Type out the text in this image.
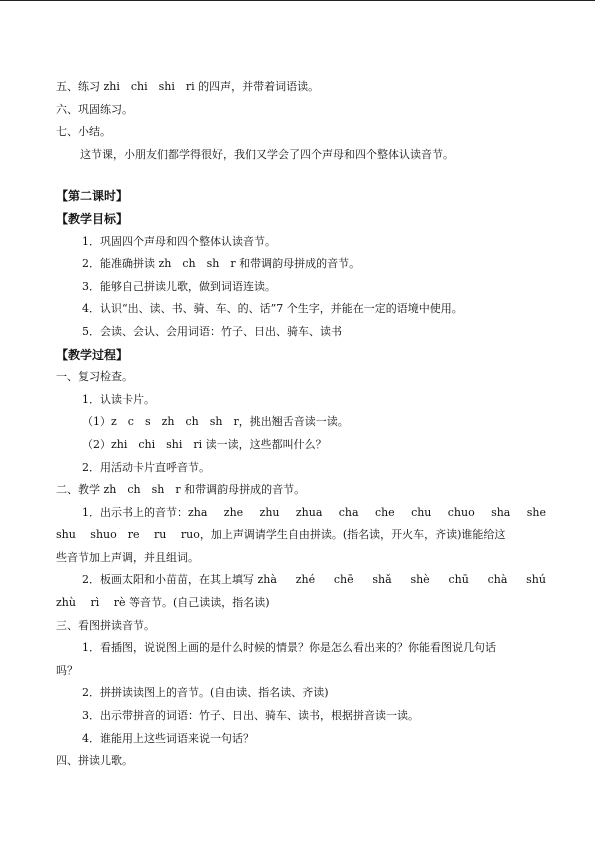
五、练习 zhi　chi　shi　ri 的四声，并带着词语读。
六、巩固练习。
七、小结。
这节课，小朋友们都学得很好，我们又学会了四个声母和四个整体认读音节。
【第二课时】
【教学目标】
1．巩固四个声母和四个整体认读音节。
2．能准确拼读 zh　ch　sh　r 和带调韵母拼成的音节。
3．能够自己拼读儿歌，做到词语连读。
4．认识“出、读、书、骑、车、的、话”7 个生字，并能在一定的语境中使用。
5．会读、会认、会用词语：竹子、日出、骑车、读书
【教学过程】
一、复习检查。
1．认读卡片。
（1）z　c　s　zh　ch　sh　r，挑出翘舌音读一读。
（2）zhi　chi　shi　ri 读一读，这些都叫什么？
2．用活动卡片直呼音节。
二、教学 zh　ch　sh　r 和带调韵母拼成的音节。
1．出示书上的音节：zha zhe zhu zhua cha che chu chuo sha she
shu　 shuo　re　 ru　 ruo，加上声调请学生自由拼读。(指名读，开火车，齐读)谁能给这
些音节加上声调，并且组词。
2．板画太阳和小苗苗，在其上填写 zhà zhé chē shǎ shè chū chà shú
zhù　 rì　 rè 等音节。(自己读读，指名读)
三、看图拼读音节。
1．看插图，说说图上画的是什么时候的情景？你是怎么看出来的？你能看图说几句话
吗？
2．拼拼读读图上的音节。(自由读、指名读、齐读)
3．出示带拼音的词语：竹子、日出、骑车、读书，根据拼音读一读。
4．谁能用上这些词语来说一句话？
四、拼读儿歌。
